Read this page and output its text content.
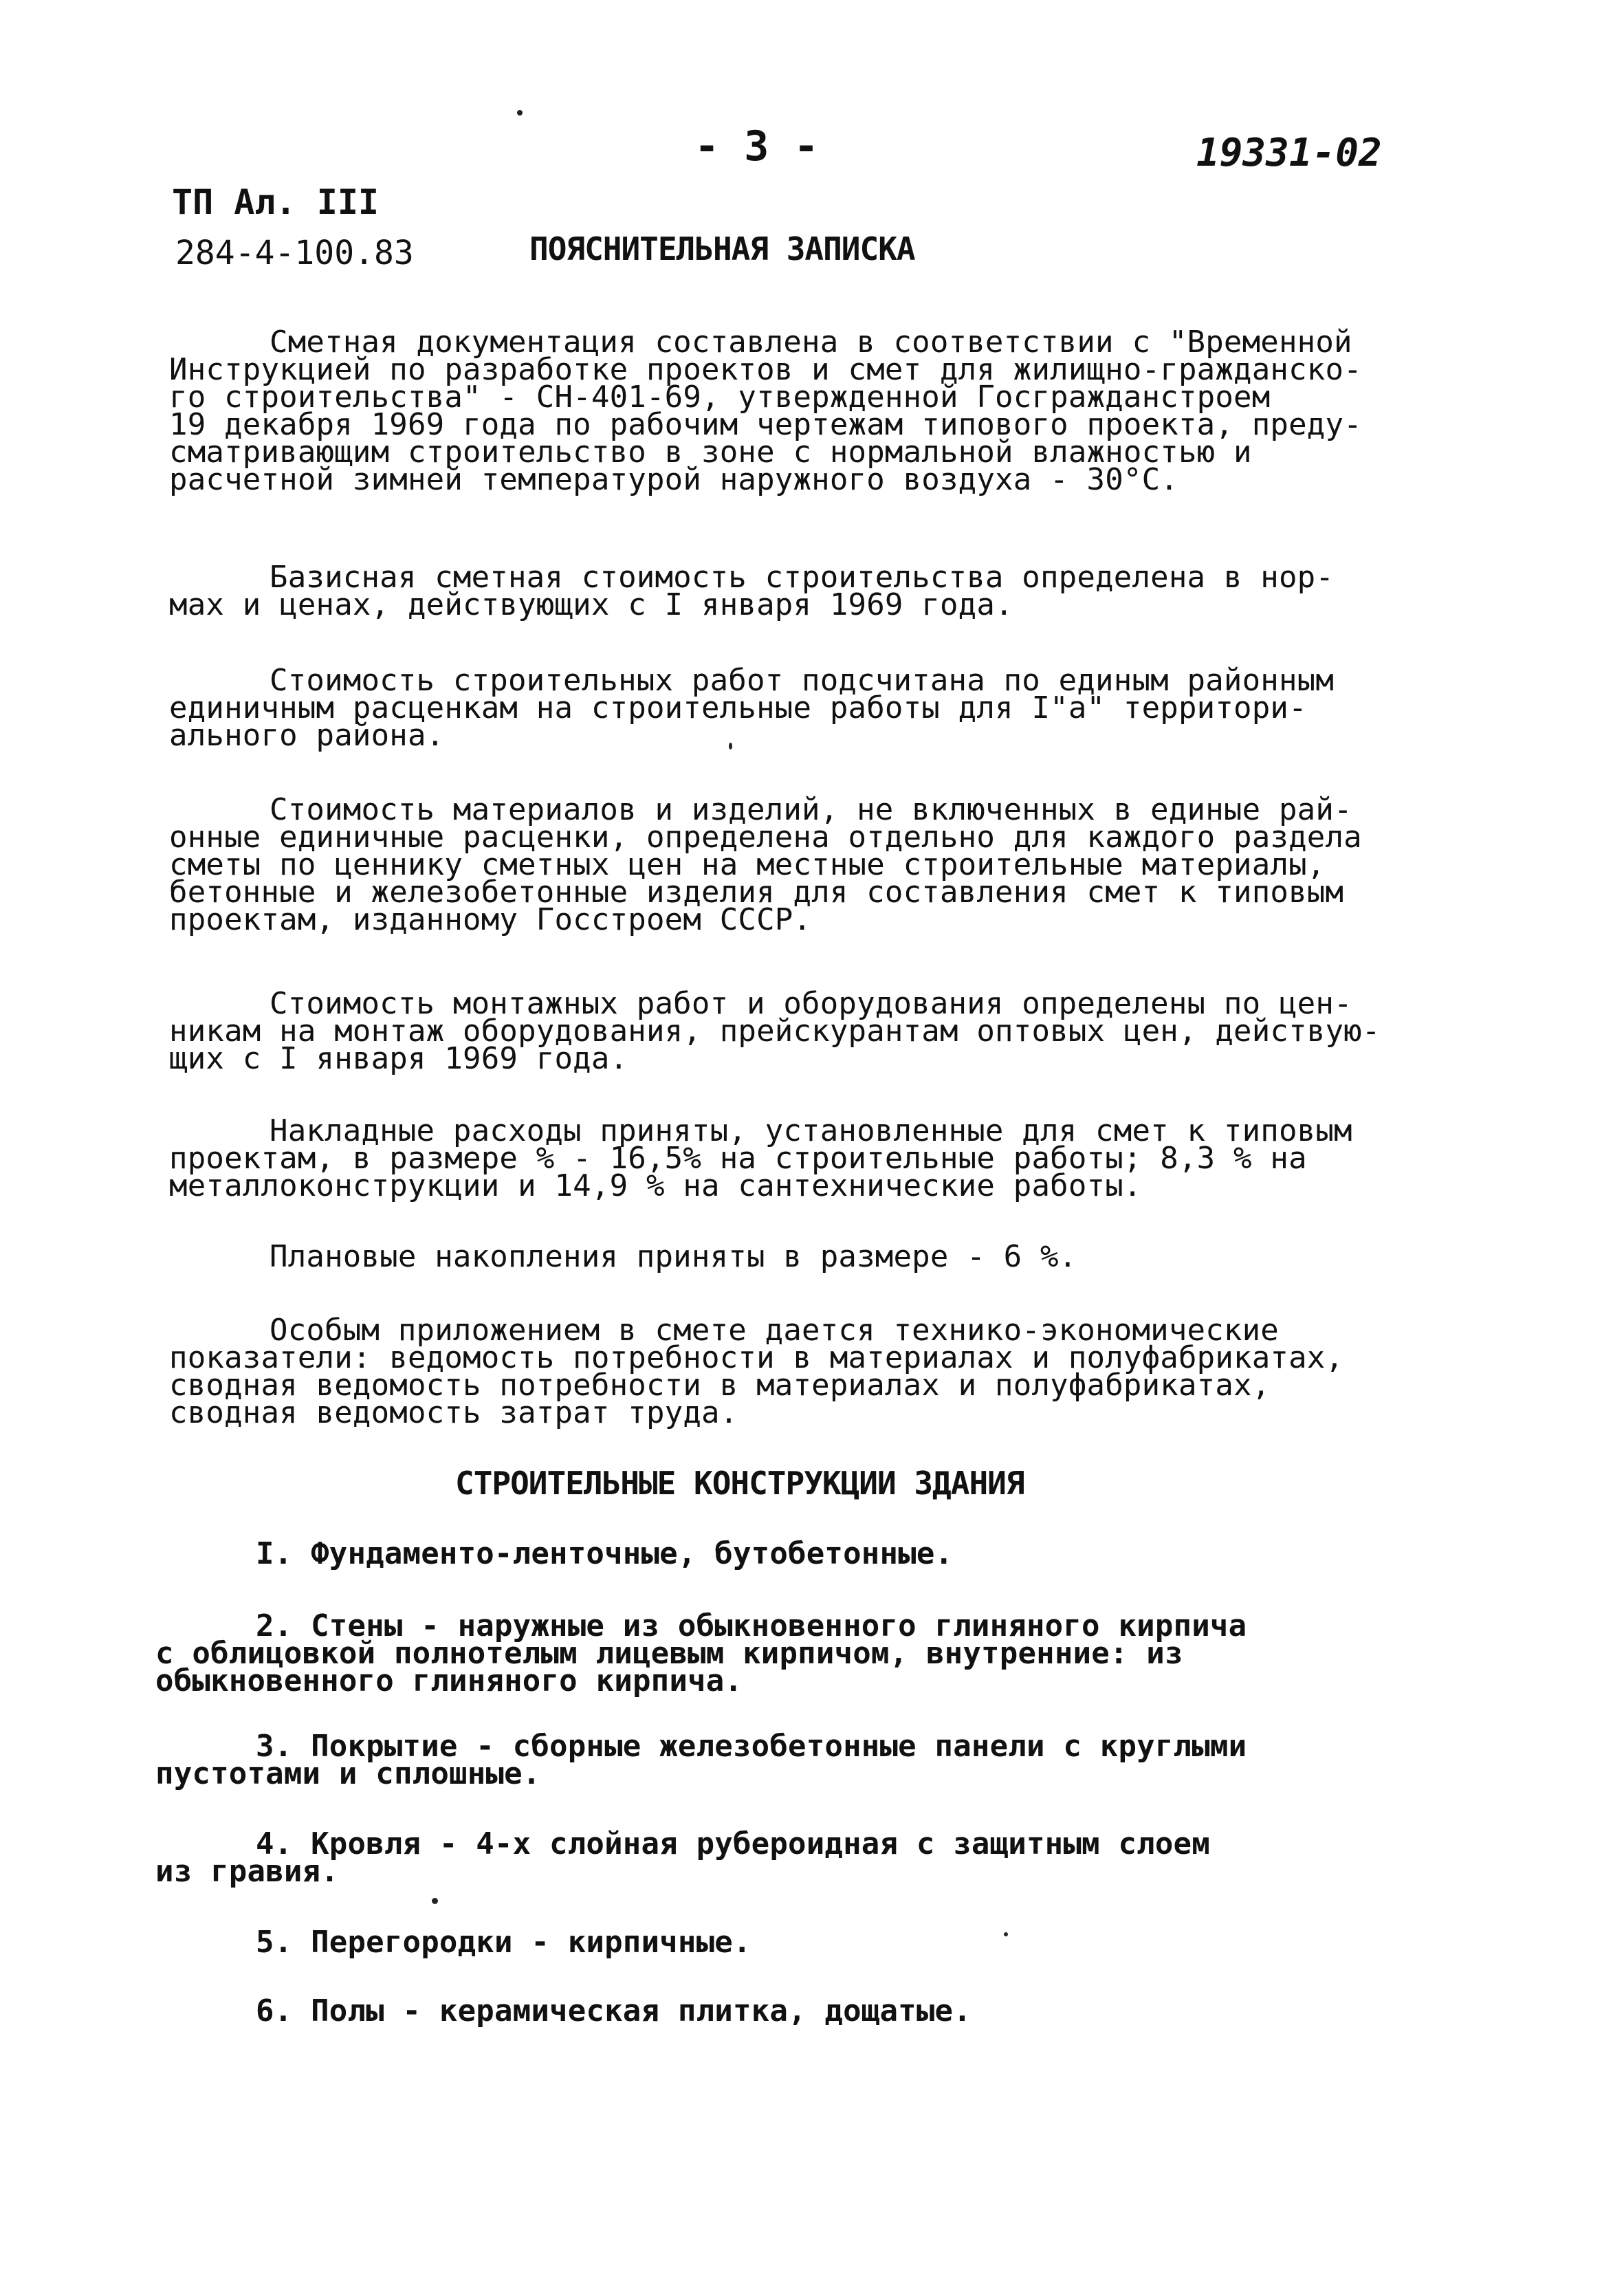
- 3 -	19331-02

ТП Ал. III

284-4-100.83	ПОЯСНИТЕЛЬНАЯ ЗАПИСКА

Сметная документация составлена в соответствии с "Временной
Инструкцией по разработке проектов и смет для жилищно-гражданско-
го строительства" - СН-401-69, утвержденной Госгражданстроем
19 декабря 1969 года по рабочим чертежам типового проекта, преду-
сматривающим строительство в зоне с нормальной влажностью и
расчетной зимней температурой наружного воздуха - 30°С.
Базисная сметная стоимость строительства определена в нор-
мах и ценах, действующих с I января 1969 года.
Стоимость строительных работ подсчитана по единым районным
единичным расценкам на строительные работы для I"а" территори-
ального района.
Стоимость материалов и изделий, не включенных в единые рай-
онные единичные расценки, определена отдельно для каждого раздела
сметы по ценнику сметных цен на местные строительные материалы,
бетонные и железобетонные изделия для составления смет к типовым
проектам, изданному Госстроем СССР.
Стоимость монтажных работ и оборудования определены по цен-
никам на монтаж оборудования, прейскурантам оптовых цен, действую-
щих с I января 1969 года.
Накладные расходы приняты, установленные для смет к типовым
проектам, в размере % - 16,5% на строительные работы; 8,3 % на
металлоконструкции и 14,9 % на сантехнические работы.
Плановые накопления приняты в размере - 6 %.
Особым приложением в смете дается технико-экономические
показатели: ведомость потребности в материалах и полуфабрикатах,
сводная ведомость потребности в материалах и полуфабрикатах,
сводная ведомость затрат труда.

СТРОИТЕЛЬНЫЕ КОНСТРУКЦИИ ЗДАНИЯ

I. Фундаменто-ленточные, бутобетонные.
2. Стены - наружные из обыкновенного глиняного кирпича
с облицовкой полнотелым лицевым кирпичом, внутренние: из
обыкновенного глиняного кирпича.
3. Покрытие - сборные железобетонные панели с круглыми
пустотами и сплошные.
4. Кровля - 4-х слойная рубероидная с защитным слоем
из гравия.
5. Перегородки - кирпичные.
6. Полы - керамическая плитка, дощатые.
